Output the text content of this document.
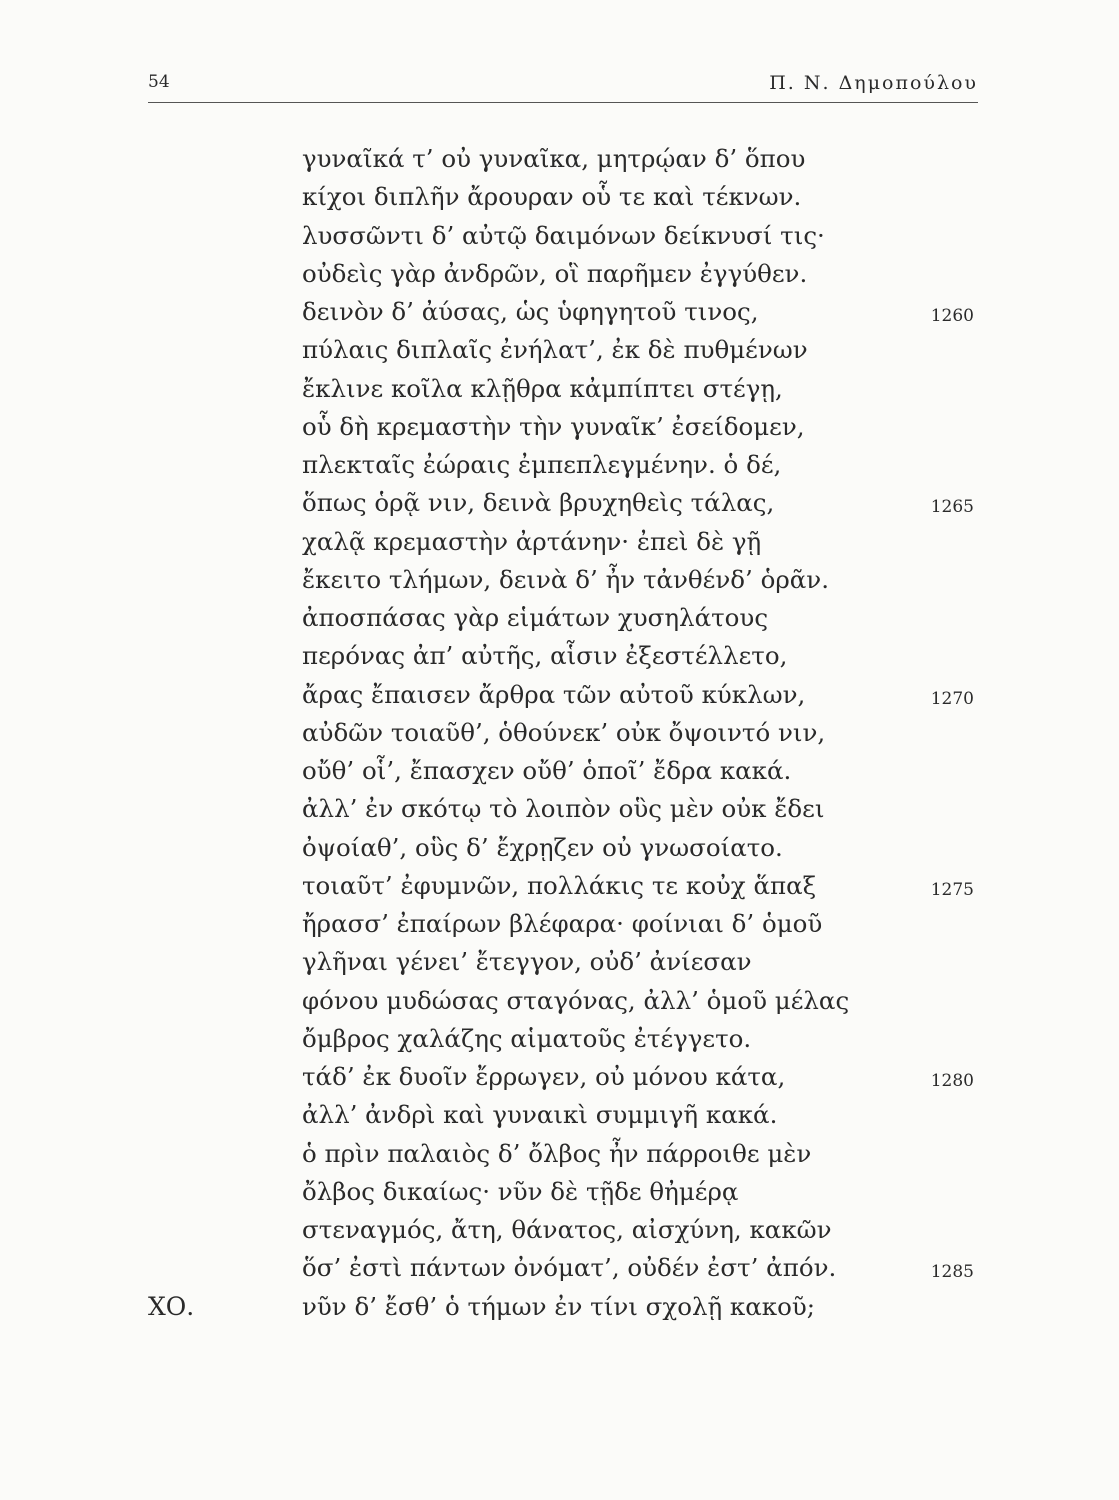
54	Π. Ν. Δημοπούλου
γυναῖκά τ’ οὐ γυναῖκα, μητρῴαν δ’ ὅπου
κίχοι διπλῆν ἄρουραν οὗ τε καὶ τέκνων.
λυσσῶντι δ’ αὐτῷ δαιμόνων δείκνυσί τις·
οὐδεὶς γὰρ ἀνδρῶν, οἳ παρῆμεν ἐγγύθεν.
δεινὸν δ’ ἀύσας, ὡς ὑφηγητοῦ τινος,	1260
πύλαις διπλαῖς ἐνήλατ’, ἐκ δὲ πυθμένων
ἔκλινε κοῖλα κλῇθρα κἀμπίπτει στέγῃ,
οὗ δὴ κρεμαστὴν τὴν γυναῖκ’ ἐσείδομεν,
πλεκταῖς ἐώραις ἐμπεπλεγμένην. ὁ δέ,
ὅπως ὁρᾷ νιν, δεινὰ βρυχηθεὶς τάλας,	1265
χαλᾷ κρεμαστὴν ἀρτάνην· ἐπεὶ δὲ γῇ
ἔκειτο τλήμων, δεινὰ δ’ ἦν τἀνθένδ’ ὁρᾶν.
ἀποσπάσας γὰρ εἱμάτων χυσηλάτους
περόνας ἀπ’ αὐτῆς, αἷσιν ἐξεστέλλετο,
ἄρας ἔπαισεν ἄρθρα τῶν αὐτοῦ κύκλων,	1270
αὐδῶν τοιαῦθ’, ὁθούνεκ’ οὐκ ὄψοιντό νιν,
οὔθ’ οἷ’, ἔπασχεν οὔθ’ ὁποῖ’ ἔδρα κακά.
ἀλλ’ ἐν σκότῳ τὸ λοιπὸν οὓς μὲν οὐκ ἔδει
ὀψοίαθ’, οὓς δ’ ἔχρῃζεν οὐ γνωσοίατο.
τοιαῦτ’ ἐφυμνῶν, πολλάκις τε κοὐχ ἅπαξ	1275
ἤρασσ’ ἐπαίρων βλέφαρα· φοίνιαι δ’ ὁμοῦ
γλῆναι γένει’ ἔτεγγον, οὐδ’ ἀνίεσαν
φόνου μυδώσας σταγόνας, ἀλλ’ ὁμοῦ μέλας
ὄμβρος χαλάζης αἱματοῦς ἐτέγγετο.
τάδ’ ἐκ δυοῖν ἔρρωγεν, οὐ μόνου κάτα,	1280
ἀλλ’ ἀνδρὶ καὶ γυναικὶ συμμιγῆ κακά.
ὁ πρὶν παλαιὸς δ’ ὄλβος ἦν πάρροιθε μὲν
ὄλβος δικαίως· νῦν δὲ τῇδε θἠμέρᾳ
στεναγμός, ἄτη, θάνατος, αἰσχύνη, κακῶν
ὅσ’ ἐστὶ πάντων ὀνόματ’, οὐδέν ἐστ’ ἀπόν.	1285
ΧΟ.	νῦν δ’ ἔσθ’ ὁ τήμων ἐν τίνι σχολῇ κακοῦ;
